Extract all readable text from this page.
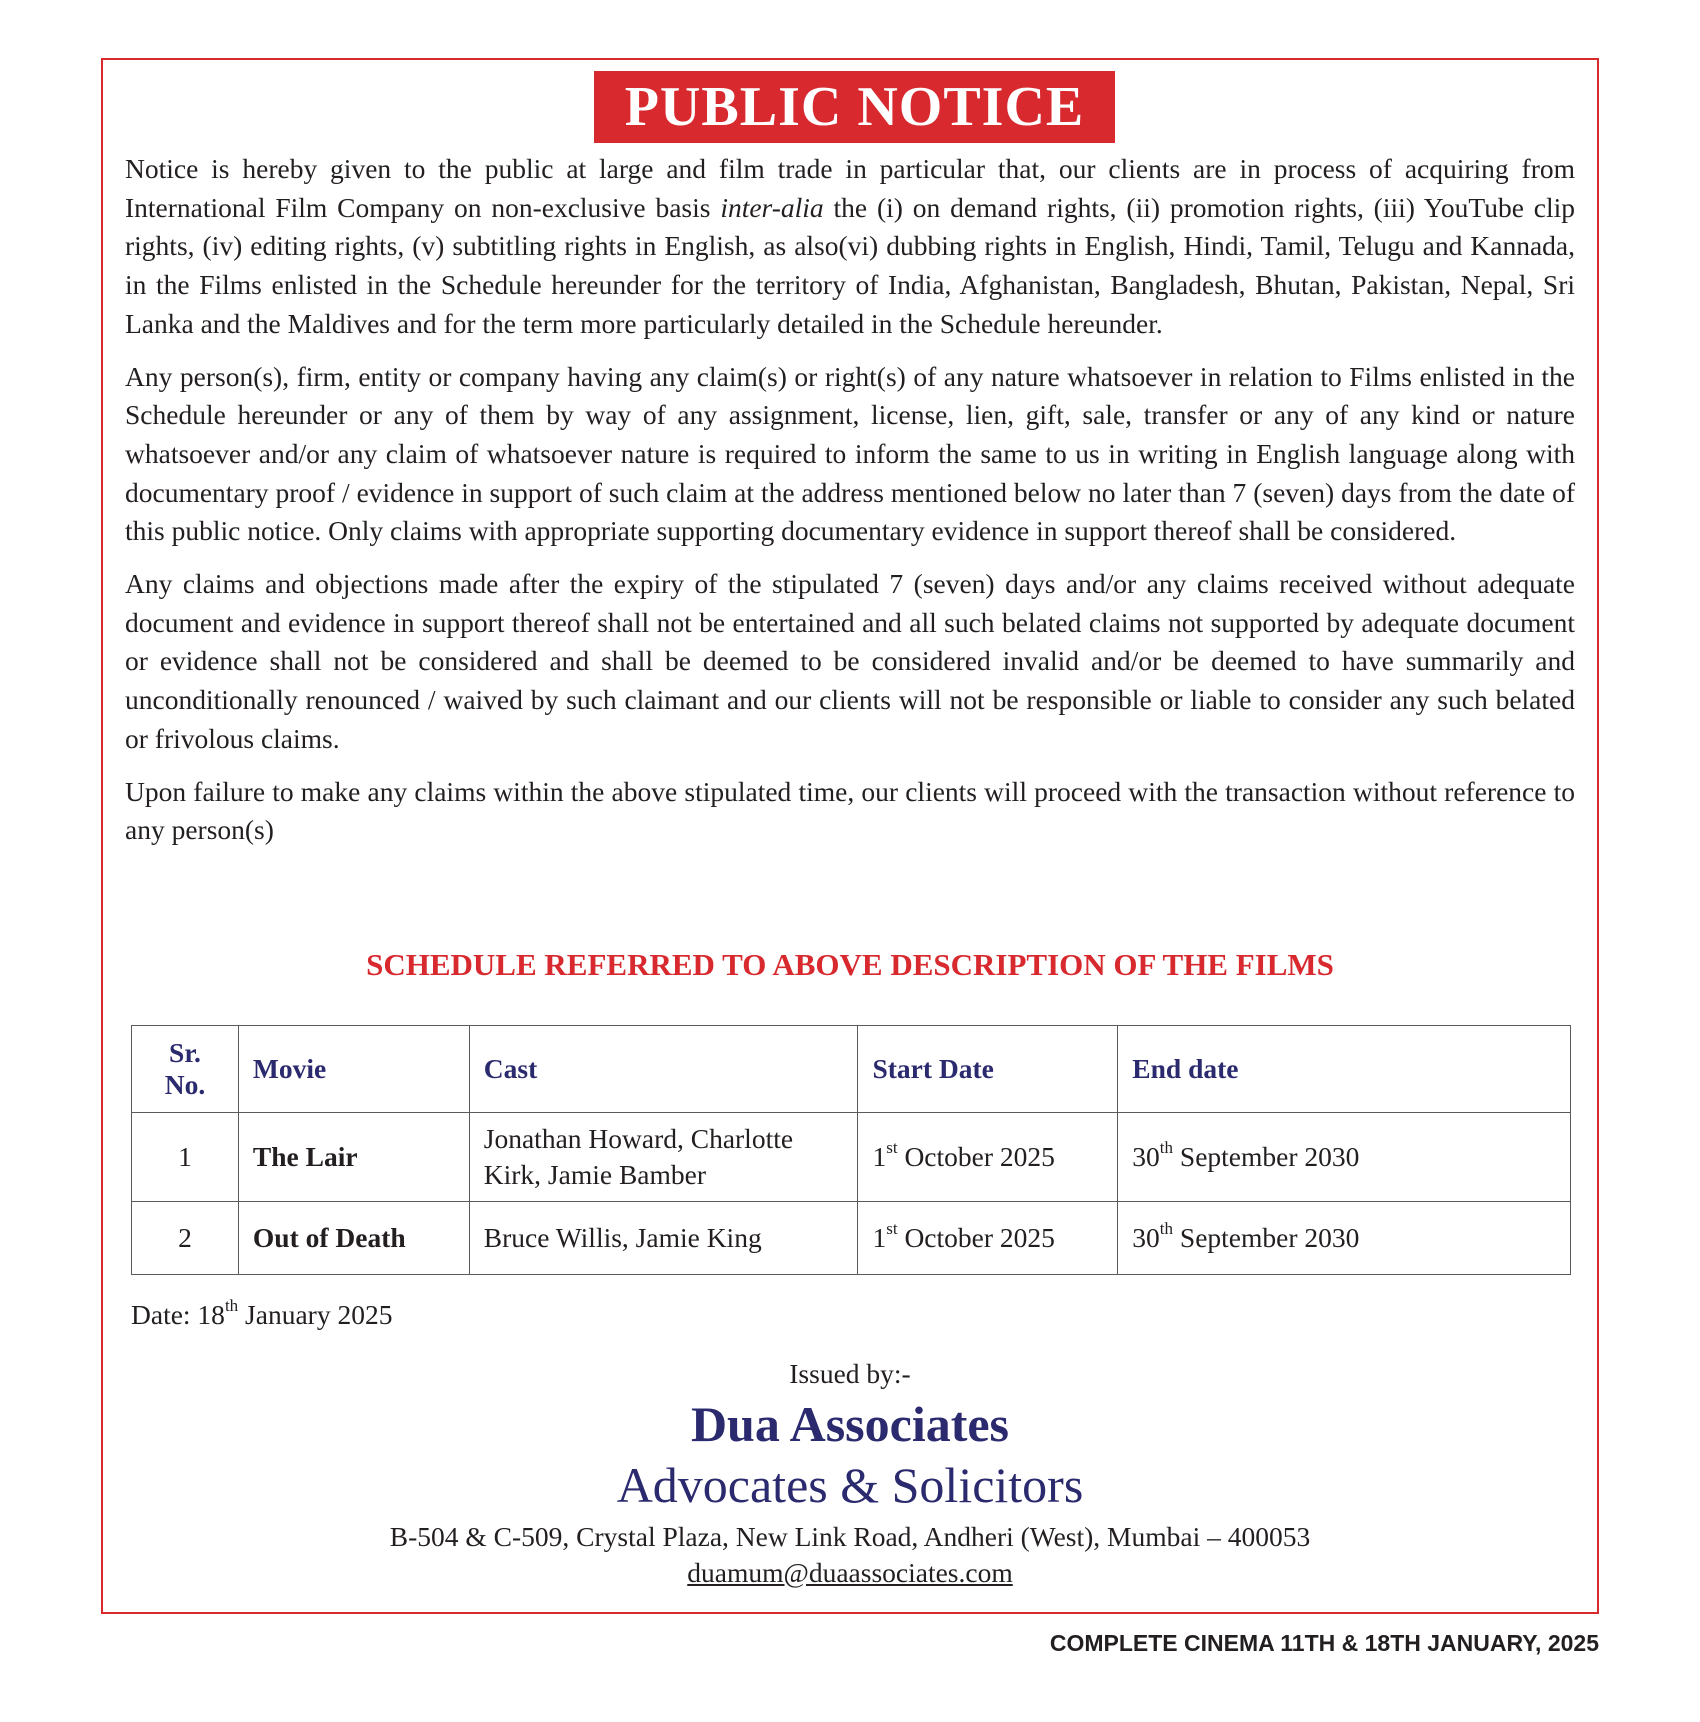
PUBLIC NOTICE

Notice is hereby given to the public at large and film trade in particular that, our clients are in process of acquiring from International Film Company on non-exclusive basis inter-alia the (i) on demand rights, (ii) promotion rights, (iii) YouTube clip rights, (iv) editing rights, (v) subtitling rights in English, as also(vi) dubbing rights in English, Hindi, Tamil, Telugu and Kannada, in the Films enlisted in the Schedule hereunder for the territory of India, Afghanistan, Bangladesh, Bhutan, Pakistan, Nepal, Sri Lanka and the Maldives and for the term more particularly detailed in the Schedule hereunder.

Any person(s), firm, entity or company having any claim(s) or right(s) of any nature whatsoever in relation to Films enlisted in the Schedule hereunder or any of them by way of any assignment, license, lien, gift, sale, transfer or any of any kind or nature whatsoever and/or any claim of whatsoever nature is required to inform the same to us in writing in English language along with documentary proof / evidence in support of such claim at the address mentioned below no later than 7 (seven) days from the date of this public notice. Only claims with appropriate supporting documentary evidence in support thereof shall be considered.

Any claims and objections made after the expiry of the stipulated 7 (seven) days and/or any claims received without adequate document and evidence in support thereof shall not be entertained and all such belated claims not supported by adequate document or evidence shall not be considered and shall be deemed to be considered invalid and/or be deemed to have summarily and unconditionally renounced / waived by such claimant and our clients will not be responsible or liable to consider any such belated or frivolous claims.

Upon failure to make any claims within the above stipulated time, our clients will proceed with the transaction without reference to any person(s)

SCHEDULE REFERRED TO ABOVE DESCRIPTION OF THE FILMS
Sr.
No.	Movie	Cast	Start Date	End date
1	The Lair	Jonathan Howard, Charlotte Kirk, Jamie Bamber	1st October 2025	30th September 2030
2	Out of Death	Bruce Willis, Jamie King	1st October 2025	30th September 2030
Date: 18th January 2025
Issued by:-
Dua Associates
Advocates & Solicitors
B-504 & C-509, Crystal Plaza, New Link Road, Andheri (West), Mumbai – 400053
duamum@duaassociates.com
COMPLETE CINEMA 11TH & 18TH JANUARY, 2025
